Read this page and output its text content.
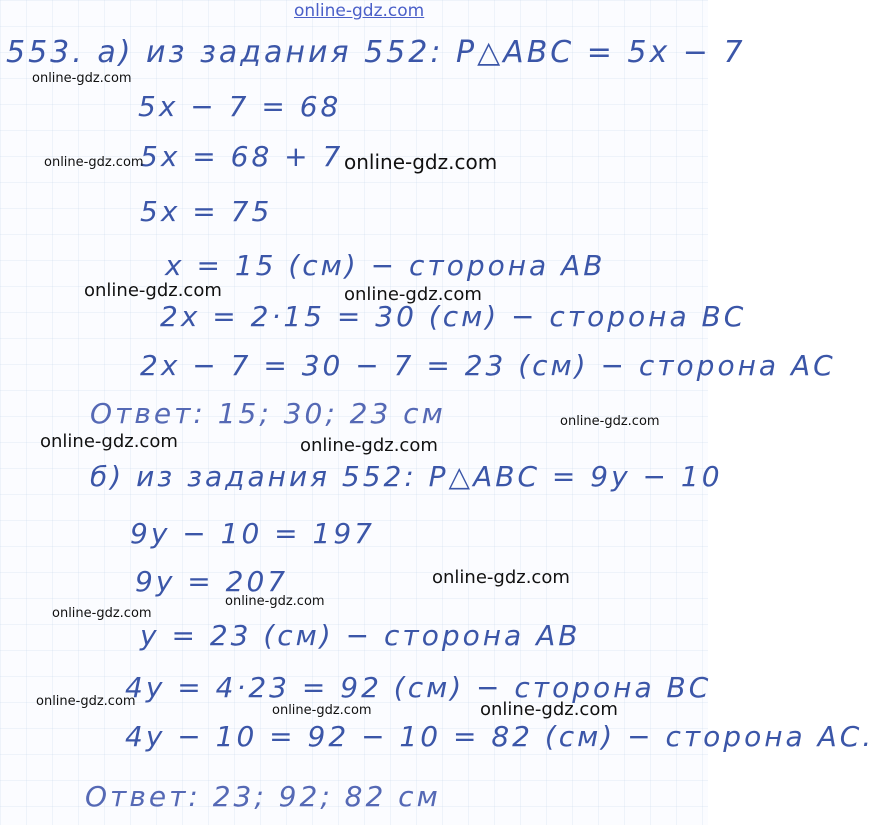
553. а) из задания 552: P△ABC = 5x − 7
5x − 7 = 68
5x = 68 + 7
5x = 75
x = 15 (см) − сторона AB
2x = 2·15 = 30 (см) − сторона BC
2x − 7 = 30 − 7 = 23 (см) − сторона AC
Ответ: 15; 30; 23 см
б) из задания 552: P△ABC = 9y − 10
9y − 10 = 197
9y = 207
y = 23 (см) − сторона AB
4y = 4·23 = 92 (см) − сторона BC
4y − 10 = 92 − 10 = 82 (см) − сторона AC.
Ответ: 23; 92; 82 см
online-gdz.com
online-gdz.com
online-gdz.com	online-gdz.com
online-gdz.com	online-gdz.com
online-gdz.com
online-gdz.com	online-gdz.com
online-gdz.com
online-gdz.com
online-gdz.com
online-gdz.com
online-gdz.com	online-gdz.com
